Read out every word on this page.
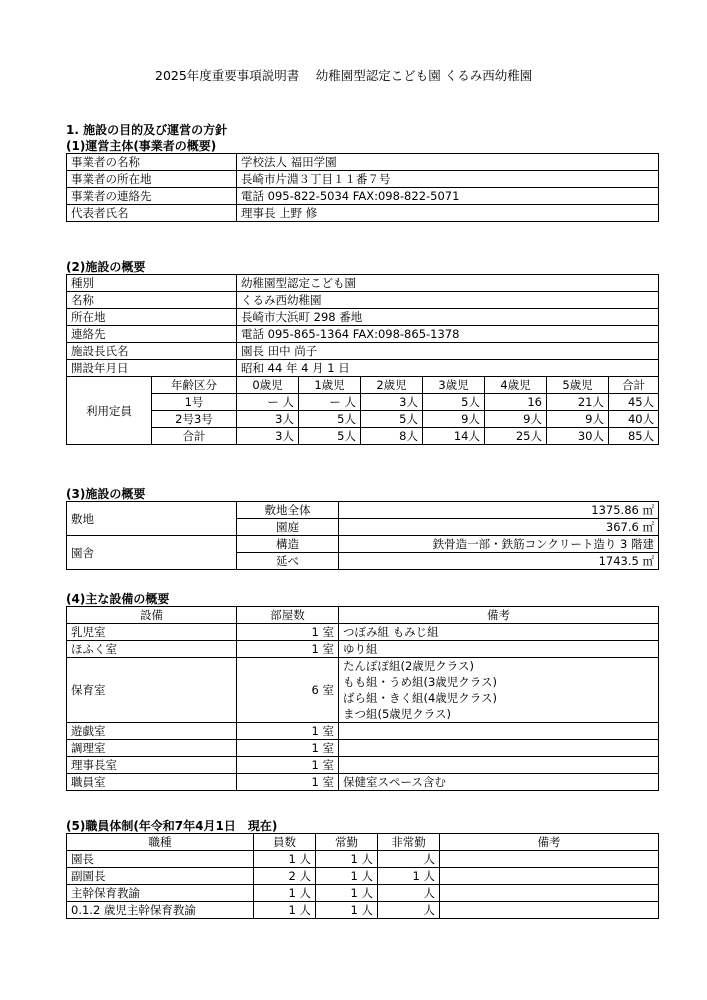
2025年度重要事項説明書　 幼稚園型認定こども園 くるみ西幼稚園
1. 施設の目的及び運営の方針
(1)運営主体(事業者の概要)
事業者の名称	学校法人 福田学園
事業者の所在地	長崎市片淵３丁目１１番７号
事業者の連絡先	電話 095-822-5034 FAX:098-822-5071
代表者氏名	理事長 上野 修
(2)施設の概要
種別		幼稚園型認定こども園						
名称		くるみ西幼稚園						
所在地		長崎市大浜町 298 番地						
連絡先		電話 095-865-1364 FAX:098-865-1378						
施設長氏名		園長 田中 尚子						
開設年月日		昭和 44 年 4 月 1 日						
利用定員	年齢区分	0歳児	1歳児	2歳児	3歳児	4歳児	5歳児	合計
	1号	ー 人	ー 人	3人	5人	16	21人	45人
	2号3号	3人	5人	5人	9人	9人	9人	40人
	合計	3人	5人	8人	14人	25人	30人	85人
(3)施設の概要
敷地	敷地全体	1375.86 ㎡
	園庭	367.6 ㎡
園舎	構造	鉄骨造一部・鉄筋コンクリート造り 3 階建
	延べ	1743.5 ㎡
(4)主な設備の概要
設備	部屋数	備考
乳児室	1 室	つぼみ組 もみじ組

ほふく室	1 室	ゆり組

保育室	6 室	たんぽぽ組(2歳児クラス)
もも組・うめ組(3歳児クラス)
ばら組・きく組(4歳児クラス)
まつ組(5歳児クラス)

遊戯室	1 室	

調理室	1 室	

理事長室	1 室	

職員室	1 室	保健室スペース含む
(5)職員体制(年令和7年4月1日　現在)
職種	員数	常勤	非常勤	備考
園長	1 人	1 人	人	
副園長	2 人	1 人	1 人	
主幹保育教諭	1 人	1 人	人	
0.1.2 歳児主幹保育教諭	1 人	1 人	人	
